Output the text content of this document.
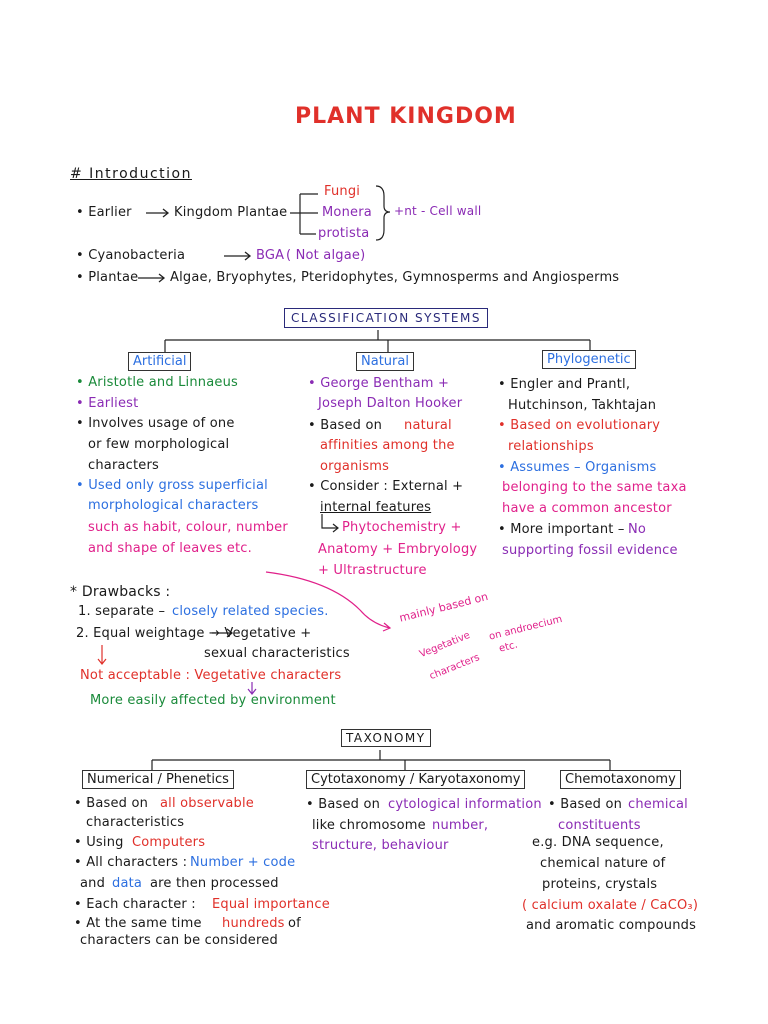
PLANT KINGDOM
# Introduction
• Earlier	Kingdom Plantae
Fungi
Monera
protista
+nt - Cell wall
• Cyanobacteria	BGA ( Not algae)
• Plantae Algae, Bryophytes, Pteridophytes, Gymnosperms and Angiosperms
CLASSIFICATION SYSTEMS
Artificial	Natural	Phylogenetic
• Aristotle and Linnaeus
• Earliest
• Involves usage of one
or few morphological
characters
• Used only gross superficial
morphological characters
such as habit, colour, number
and shape of leaves etc.
• George Bentham +
Joseph Dalton Hooker
• Based on natural
affinities among the
organisms
• Consider : External +
internal features
Phytochemistry +
Anatomy + Embryology
+ Ultrastructure
• Engler and Prantl,
Hutchinson, Takhtajan
• Based on evolutionary
relationships
• Assumes – Organisms
belonging to the same taxa
have a common ancestor
• More important – No
supporting fossil evidence
* Drawbacks :
1. separate – closely related species.
2. Equal weightage → Vegetative +
sexual characteristics
Not acceptable : Vegetative characters
More easily affected by environment
mainly based on
Vegetative
characters
on androecium
etc.
TAXONOMY
Numerical / Phenetics	Cytotaxonomy / Karyotaxonomy	Chemotaxonomy
• Based on all observable
characteristics
• Using Computers
• All characters : Number + code
and data are then processed
• Each character : Equal importance
• At the same time hundreds of
characters can be considered
• Based on cytological information
like chromosome number,
structure, behaviour
• Based on chemical
constituents
e.g. DNA sequence,
chemical nature of
proteins, crystals
( calcium oxalate / CaCO₃)
and aromatic compounds
